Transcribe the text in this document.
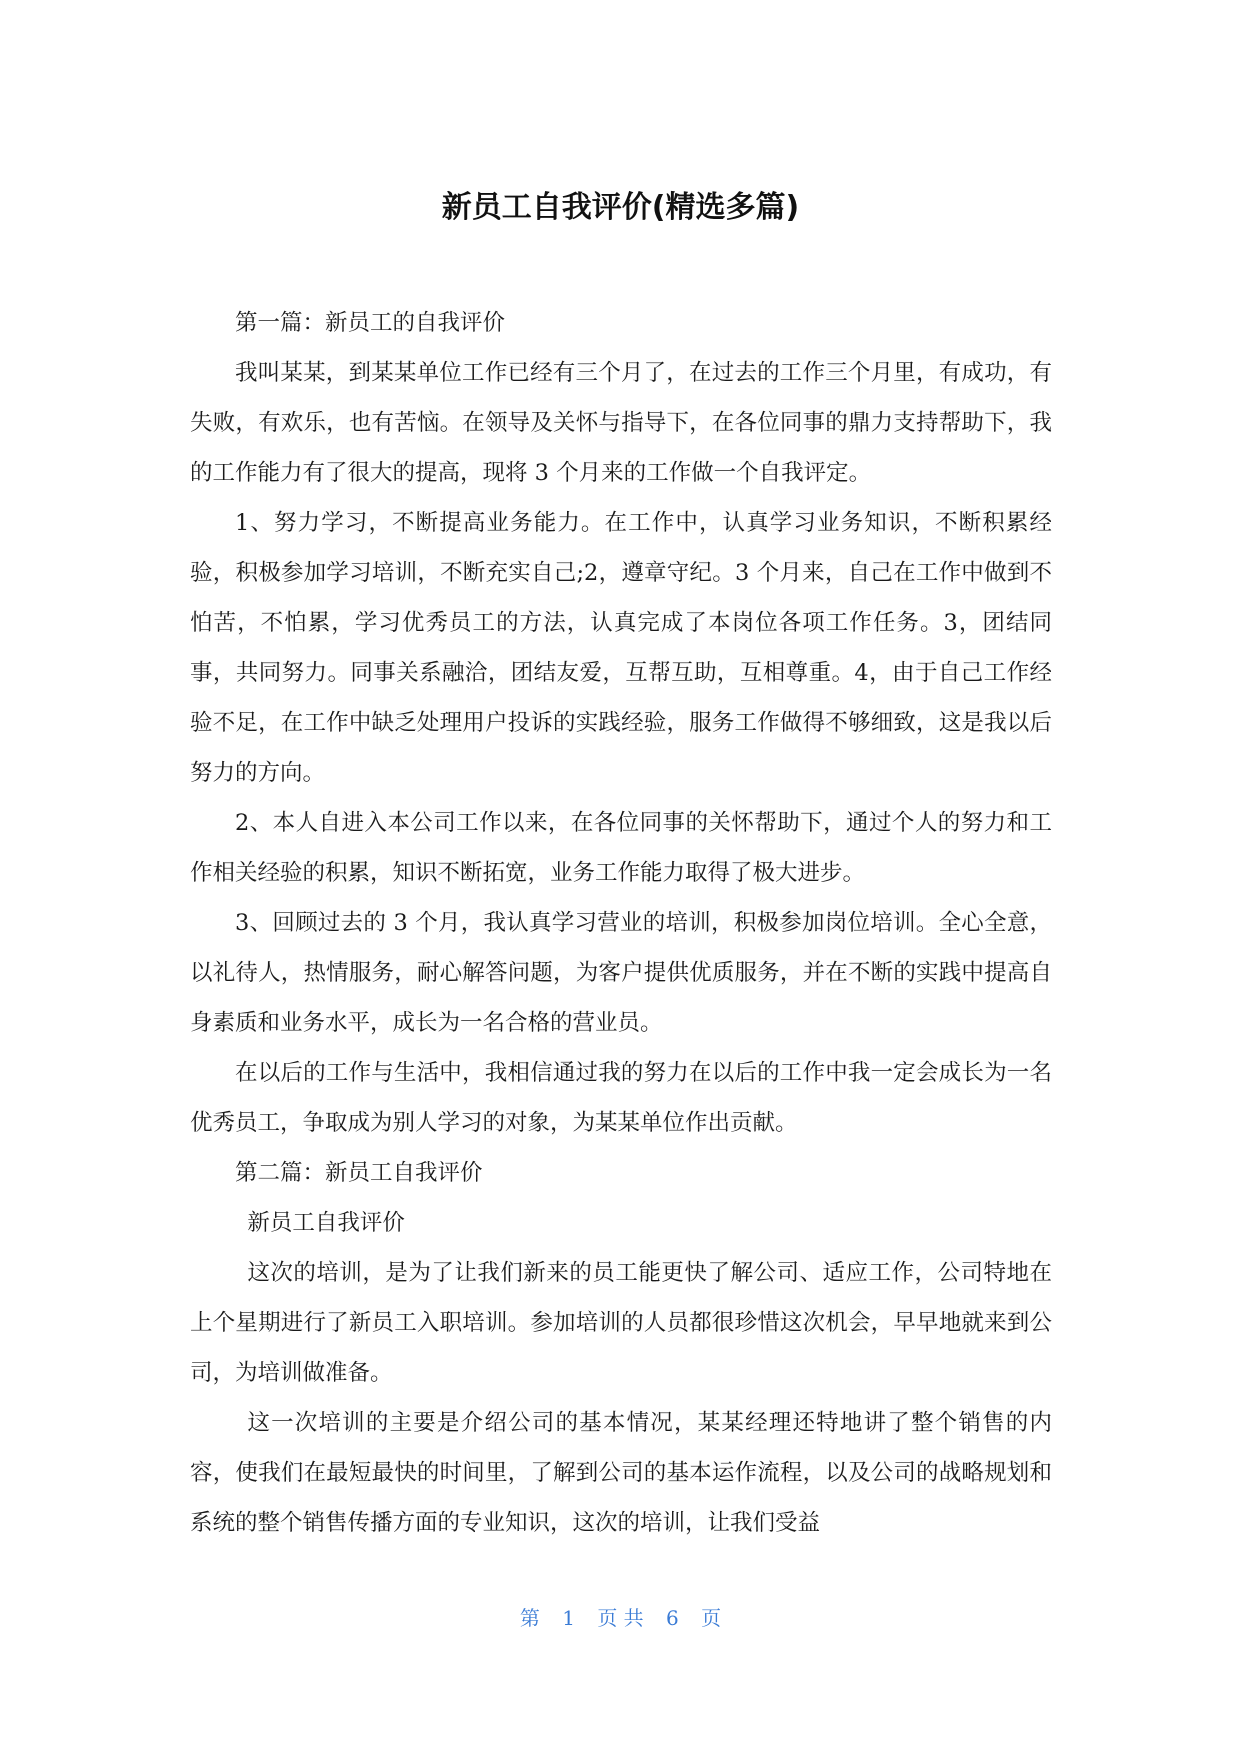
新员工自我评价(精选多篇)

第一篇：新员工的自我评价

我叫某某，到某某单位工作已经有三个月了，在过去的工作三个月里，有成功，有失败，有欢乐，也有苦恼。在领导及关怀与指导下，在各位同事的鼎力支持帮助下，我的工作能力有了很大的提高，现将 3 个月来的工作做一个自我评定。

1、努力学习，不断提高业务能力。在工作中，认真学习业务知识，不断积累经验，积极参加学习培训，不断充实自己;2，遵章守纪。3 个月来，自己在工作中做到不怕苦，不怕累，学习优秀员工的方法，认真完成了本岗位各项工作任务。3，团结同事，共同努力。同事关系融洽，团结友爱，互帮互助，互相尊重。4，由于自己工作经验不足，在工作中缺乏处理用户投诉的实践经验，服务工作做得不够细致，这是我以后努力的方向。

2、本人自进入本公司工作以来，在各位同事的关怀帮助下，通过个人的努力和工作相关经验的积累，知识不断拓宽，业务工作能力取得了极大进步。

3、回顾过去的 3 个月，我认真学习营业的培训，积极参加岗位培训。全心全意，以礼待人，热情服务，耐心解答问题，为客户提供优质服务，并在不断的实践中提高自身素质和业务水平，成长为一名合格的营业员。

在以后的工作与生活中，我相信通过我的努力在以后的工作中我一定会成长为一名优秀员工，争取成为别人学习的对象，为某某单位作出贡献。

第二篇：新员工自我评价

新员工自我评价

这次的培训，是为了让我们新来的员工能更快了解公司、适应工作，公司特地在上个星期进行了新员工入职培训。参加培训的人员都很珍惜这次机会，早早地就来到公司，为培训做准备。

这一次培训的主要是介绍公司的基本情况，某某经理还特地讲了整个销售的内容，使我们在最短最快的时间里，了解到公司的基本运作流程，以及公司的战略规划和系统的整个销售传播方面的专业知识，这次的培训，让我们受益

第 1 页 共 6 页
